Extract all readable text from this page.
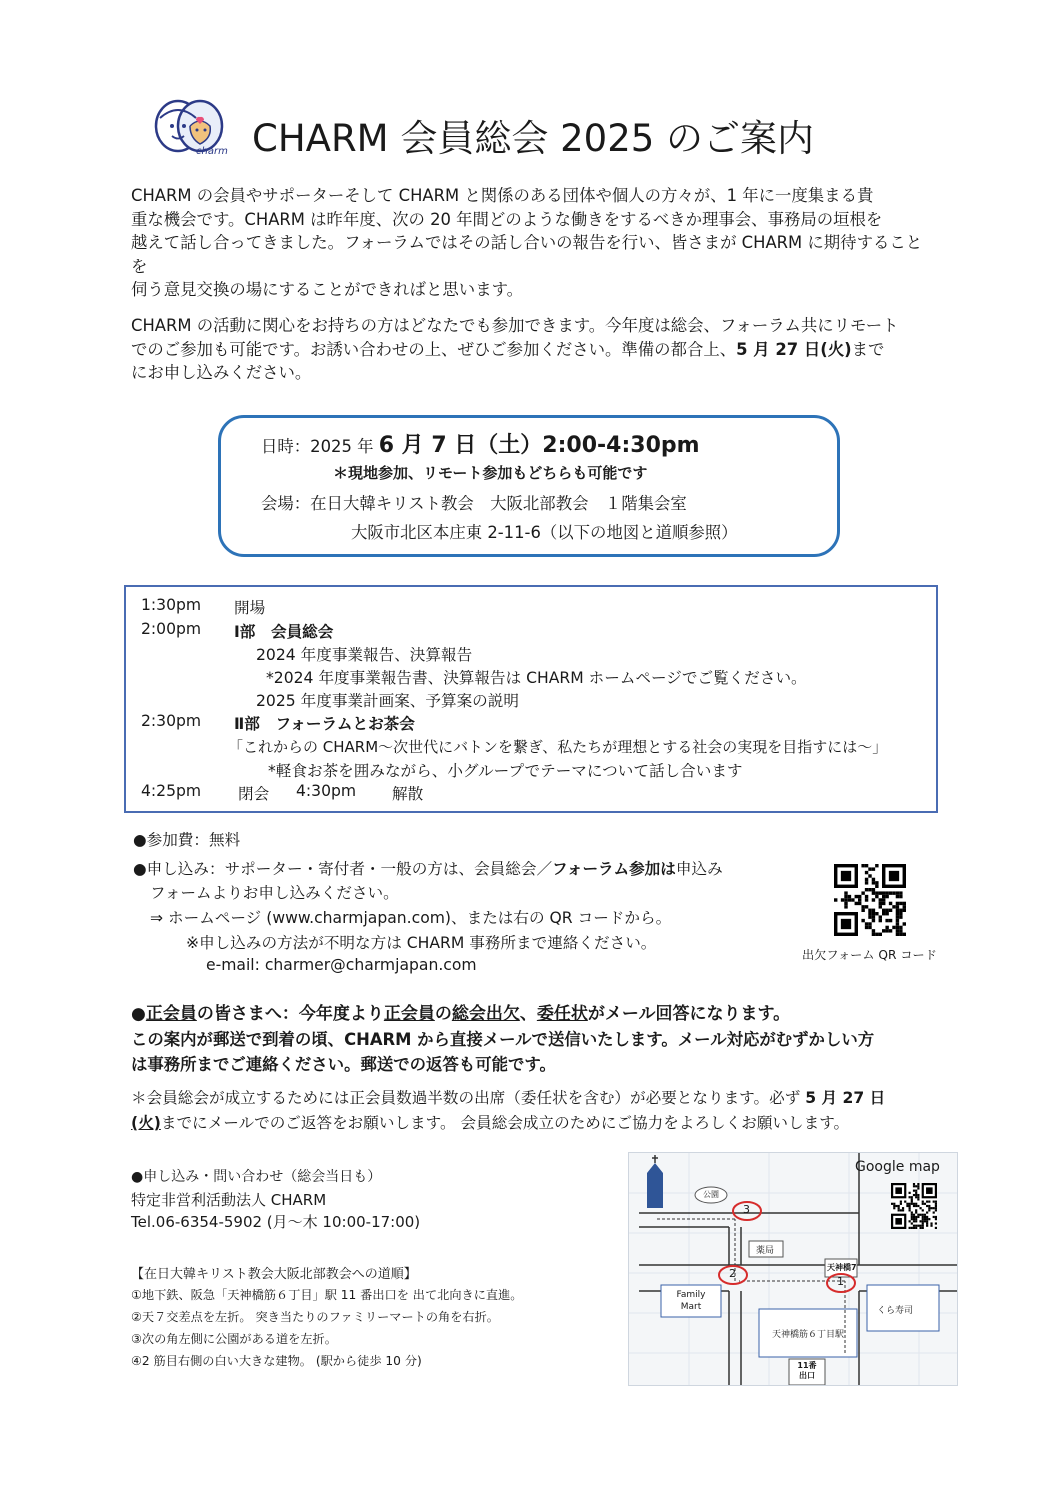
charm CHARM 会員総会 2025 のご案内

CHARM の会員やサポーターそして CHARM と関係のある団体や個人の方々が、1 年に一度集まる貴

重な機会です。CHARM は昨年度、次の 20 年間どのような働きをするべきか理事会、事務局の垣根を

越えて話し合ってきました。フォーラムではその話し合いの報告を行い、皆さまが CHARM に期待することを

伺う意見交換の場にすることができればと思います。

CHARM の活動に関心をお持ちの方はどなたでも参加できます。今年度は総会、フォーラム共にリモート

でのご参加も可能です。お誘い合わせの上、ぜひご参加ください。準備の都合上、5 月 27 日(火)まで

にお申し込みください。

日時：2025 年 6 月 7 日（土）2:00-4:30pm
＊現地参加、リモート参加もどちらも可能です
会場：在日大韓キリスト教会　大阪北部教会　１階集会室
大阪市北区本庄東 2-11-6（以下の地図と道順参照）
1:30pm 開場
2:00pm Ⅰ部　会員総会
2024 年度事業報告、決算報告
*2024 年度事業報告書、決算報告は CHARM ホームページでご覧ください。
2025 年度事業計画案、予算案の説明
2:30pm Ⅱ部　フォーラムとお茶会
「これからの CHARM～次世代にバトンを繋ぎ、私たちが理想とする社会の実現を目指すには～」
*軽食お茶を囲みながら、小グループでテーマについて話し合います
4:25pm 閉会 4:30pm 解散
●参加費：無料
●申し込み：サポーター・寄付者・一般の方は、会員総会／フォーラム参加は申込み
フォームよりお申し込みください。
⇒ ホームページ (www.charmjapan.com)、または右の QR コードから。
※申し込みの方法が不明な方は CHARM 事務所まで連絡ください。
e-mail: charmer@charmjapan.com
出欠フォーム QR コード

●正会員の皆さまへ：今年度より正会員の総会出欠、委任状がメール回答になります。

この案内が郵送で到着の頃、CHARM から直接メールで送信いたします。メール対応がむずかしい方

は事務所までご連絡ください。郵送での返答も可能です。

＊会員総会が成立するためには正会員数過半数の出席（委任状を含む）が必要となります。必ず 5 月 27 日
(火)までにメールでのご返答をお願いします。 会員総会成立のためにご協力をよろしくお願いします。
●申し込み・問い合わせ（総会当日も）
特定非営利活動法人 CHARM
Tel.06-6354-5902 (月～木 10:00-17:00)
【在日大韓キリスト教会大阪北部教会への道順】
①地下鉄、阪急「天神橋筋６丁目」駅 11 番出口を 出て北向きに直進。
②天７交差点を左折。 突き当たりのファミリーマートの角を右折。
③次の角左側に公園がある道を左折。
④2 筋目右側の白い大きな建物。 (駅から徒歩 10 分)
Google map
公園
薬局
天神橋7
Family
Mart	くら寿司
天神橋筋６丁目駅
11番
出口
3
2
1
